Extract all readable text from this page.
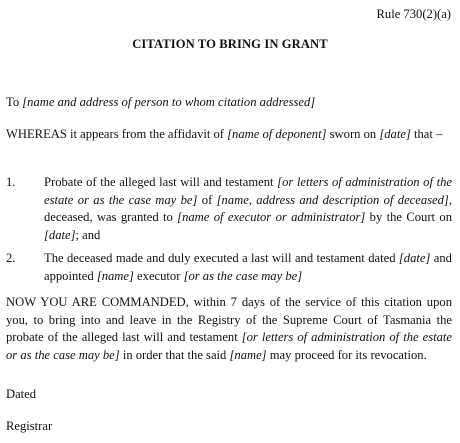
Rule 730(2)(a)

CITATION TO BRING IN GRANT

To [name and address of person to whom citation addressed]

WHEREAS it appears from the affidavit of [name of deponent] sworn on [date] that –

1. Probate of the alleged last will and testament [or letters of administration of the estate or as the case may be] of [name, address and description of deceased], deceased, was granted to [name of executor or administrator] by the Court on [date]; and

2. The deceased made and duly executed a last will and testament dated [date] and appointed [name] executor [or as the case may be]

NOW YOU ARE COMMANDED, within 7 days of the service of this citation upon you, to bring into and leave in the Registry of the Supreme Court of Tasmania the probate of the alleged last will and testament [or letters of administration of the estate or as the case may be] in order that the said [name] may proceed for its revocation.

Dated

Registrar
